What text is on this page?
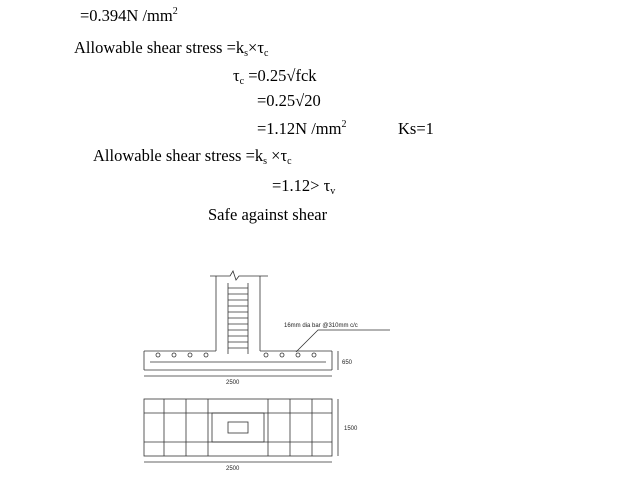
=0.394N $/mm^2$
Allowable shear stress $=k_s\times\tau_c$
$\tau_c =0.25√fck$
=0.25√20
=1.12N $/mm^2$	Ks=1
Allowable shear stress $=k_s \times\tau_c$
$=1.12> \tau_v$
Safe against shear
16mm dia bar @310mm c/c
650
2500
1500
2500
